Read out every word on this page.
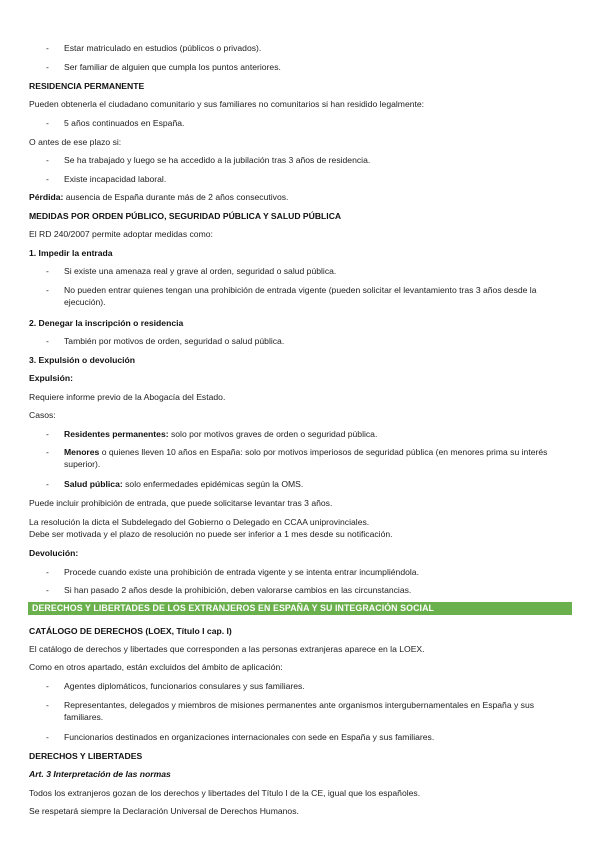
- Estar matriculado en estudios (públicos o privados).
- Ser familiar de alguien que cumpla los puntos anteriores.
RESIDENCIA PERMANENTE
Pueden obtenerla el ciudadano comunitario y sus familiares no comunitarios si han residido legalmente:
- 5 años continuados en España.
O antes de ese plazo si:
- Se ha trabajado y luego se ha accedido a la jubilación tras 3 años de residencia.
- Existe incapacidad laboral.
Pérdida: ausencia de España durante más de 2 años consecutivos.
MEDIDAS POR ORDEN PÚBLICO, SEGURIDAD PÚBLICA Y SALUD PÚBLICA
El RD 240/2007 permite adoptar medidas como:
1. Impedir la entrada
- Si existe una amenaza real y grave al orden, seguridad o salud pública.
- No pueden entrar quienes tengan una prohibición de entrada vigente (pueden solicitar el levantamiento tras 3 años desde la ejecución).
2. Denegar la inscripción o residencia
- También por motivos de orden, seguridad o salud pública.
3. Expulsión o devolución
Expulsión:
Requiere informe previo de la Abogacía del Estado.
Casos:
- Residentes permanentes: solo por motivos graves de orden o seguridad pública.
- Menores o quienes lleven 10 años en España: solo por motivos imperiosos de seguridad pública (en menores prima su interés superior).
- Salud pública: solo enfermedades epidémicas según la OMS.
Puede incluir prohibición de entrada, que puede solicitarse levantar tras 3 años.
La resolución la dicta el Subdelegado del Gobierno o Delegado en CCAA uniprovinciales.
Debe ser motivada y el plazo de resolución no puede ser inferior a 1 mes desde su notificación.
Devolución:
- Procede cuando existe una prohibición de entrada vigente y se intenta entrar incumpliéndola.
- Si han pasado 2 años desde la prohibición, deben valorarse cambios en las circunstancias.
DERECHOS Y LIBERTADES DE LOS EXTRANJEROS EN ESPAÑA Y SU INTEGRACIÓN SOCIAL
CATÁLOGO DE DERECHOS (LOEX, Título I cap. I)
El catálogo de derechos y libertades que corresponden a las personas extranjeras aparece en la LOEX.
Como en otros apartado, están excluidos del ámbito de aplicación:
- Agentes diplomáticos, funcionarios consulares y sus familiares.
- Representantes, delegados y miembros de misiones permanentes ante organismos intergubernamentales en España y sus familiares.
- Funcionarios destinados en organizaciones internacionales con sede en España y sus familiares.
DERECHOS Y LIBERTADES
Art. 3 Interpretación de las normas
Todos los extranjeros gozan de los derechos y libertades del Título I de la CE, igual que los españoles.
Se respetará siempre la Declaración Universal de Derechos Humanos.
